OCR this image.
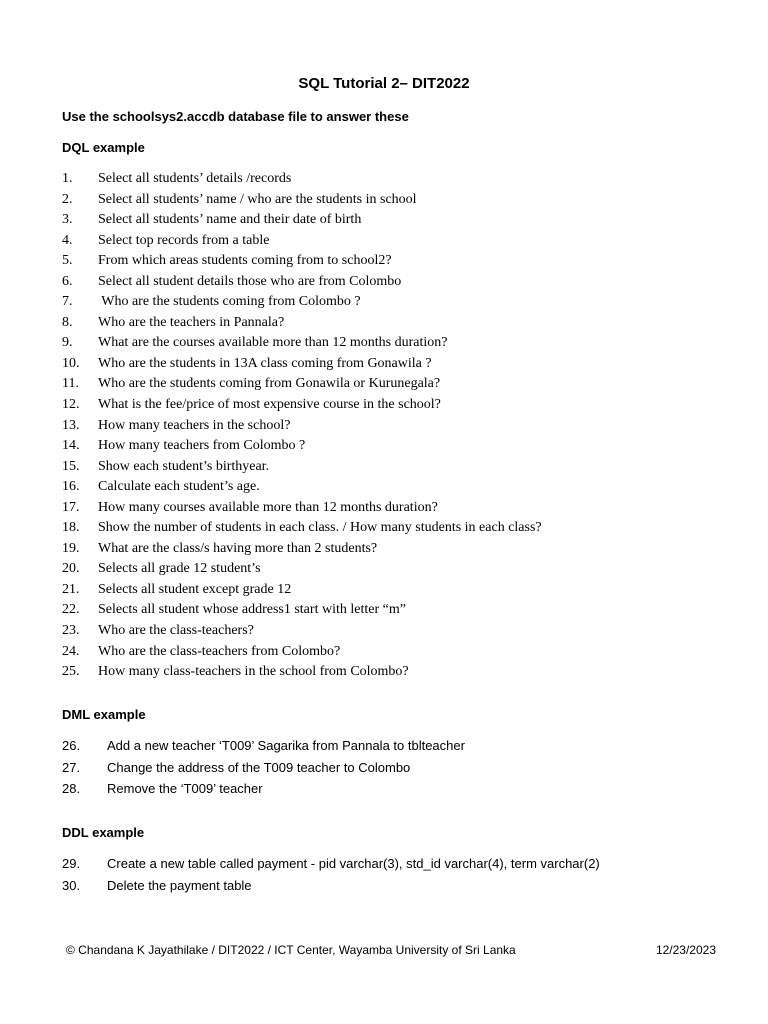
SQL Tutorial 2– DIT2022
Use the schoolsys2.accdb database file to answer these
DQL example
1. Select all students’ details /records
2. Select all students’ name / who are the students in school
3. Select all students’ name and their date of birth
4. Select top records from a table
5. From which areas students coming from to school2?
6. Select all student details those who are from Colombo
7. Who are the students coming from Colombo ?
8. Who are the teachers in Pannala?
9. What are the courses available more than 12 months duration?
10. Who are the students in 13A class coming from Gonawila ?
11. Who are the students coming from Gonawila or Kurunegala?
12. What is the fee/price of most expensive course in the school?
13. How many teachers in the school?
14. How many teachers from Colombo ?
15. Show each student’s birthyear.
16. Calculate each student’s age.
17. How many courses available more than 12 months duration?
18. Show the number of students in each class. / How many students in each class?
19. What are the class/s having more than 2 students?
20. Selects all grade 12 student’s
21. Selects all student except grade 12
22. Selects all student whose address1 start with letter “m”
23. Who are the class-teachers?
24. Who are the class-teachers from Colombo?
25. How many class-teachers in the school from Colombo?
DML example
26. Add a new teacher ‘T009’ Sagarika from Pannala to tblteacher
27. Change the address of the T009 teacher to Colombo
28. Remove the ‘T009’ teacher
DDL example
29. Create a new table called payment - pid varchar(3), std_id varchar(4), term varchar(2)
30. Delete the payment table
© Chandana K Jayathilake / DIT2022 / ICT Center, Wayamba University of Sri Lanka	12/23/2023
